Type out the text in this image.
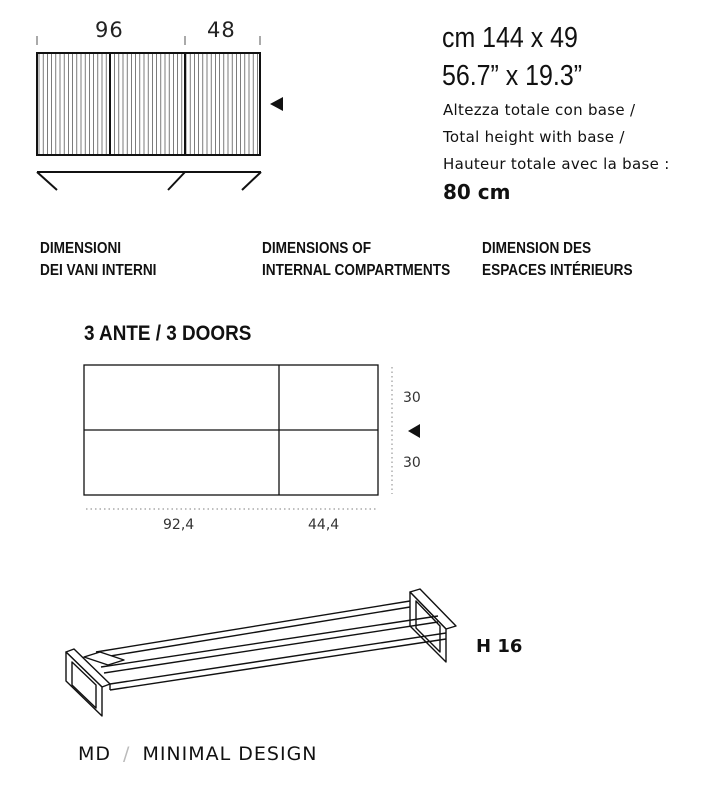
96	48	cm 144 x 49
56.7” x 19.3”
Altezza totale con base /
Total height with base /
Hauteur totale avec la base :
80 cm
DIMENSIONI
DEI VANI INTERNI
DIMENSIONS OF
INTERNAL COMPARTMENTS
DIMENSION DES
ESPACES INTÉRIEURS
3 ANTE / 3 DOORS
30
30
92,4	44,4
H 16
MD / MINIMAL DESIGN
